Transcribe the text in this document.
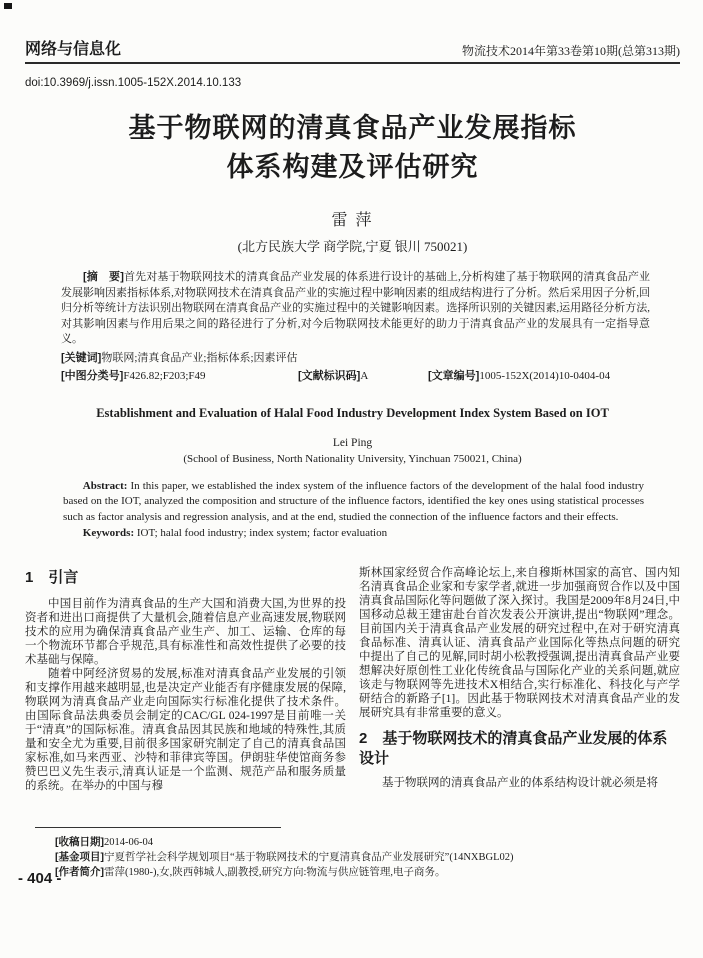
网络与信息化	物流技术2014年第33卷第10期(总第313期)
doi:10.3969/j.issn.1005-152X.2014.10.133
基于物联网的清真食品产业发展指标
体系构建及评估研究
雷 萍
(北方民族大学 商学院,宁夏 银川 750021)

[摘　要]首先对基于物联网技术的清真食品产业发展的体系进行设计的基础上,分析构建了基于物联网的清真食品产业发展影响因素指标体系,对物联网技术在清真食品产业的实施过程中影响因素的组成结构进行了分析。然后采用因子分析,回归分析等统计方法识别出物联网在清真食品产业的实施过程中的关键影响因素。选择所识别的关键因素,运用路径分析方法,对其影响因素与作用后果之间的路径进行了分析,对今后物联网技术能更好的助力于清真食品产业的发展具有一定指导意义。

[关键词]物联网;清真食品产业;指标体系;因素评估
[中图分类号]F426.82;F203;F49	[文献标识码]A	[文章编号]1005-152X(2014)10-0404-04
Establishment and Evaluation of Halal Food Industry Development Index System Based on IOT
Lei Ping
(School of Business, North Nationality University, Yinchuan 750021, China)

Abstract: In this paper, we established the index system of the influence factors of the development of the halal food industry based on the IOT, analyzed the composition and structure of the influence factors, identified the key ones using statistical processes such as factor analysis and regression analysis, and at the end, studied the connection of the influence factors and their effects.

Keywords: IOT; halal food industry; index system; factor evaluation

1　引言

中国目前作为清真食品的生产大国和消费大国,为世界的投资者和进出口商提供了大量机会,随着信息产业高速发展,物联网技术的应用为确保清真食品产业生产、加工、运输、仓库的每一个物流环节都合乎规范,具有标准性和高效性提供了必要的技术基础与保障。

随着中阿经济贸易的发展,标准对清真食品产业发展的引领和支撑作用越来越明显,也是决定产业能否有序健康发展的保障,物联网为清真食品产业走向国际实行标准化提供了技术条件。由国际食品法典委员会制定的CAC/GL 024-1997是目前唯一关于“清真”的国际标准。清真食品因其民族和地域的特殊性,其质量和安全尤为重要,目前很多国家研究制定了自己的清真食品国家标准,如马来西亚、沙特和菲律宾等国。伊朗驻华使馆商务参赞巴巴义先生表示,清真认证是一个监测、规范产品和服务质量的系统。在举办的中国与穆

斯林国家经贸合作高峰论坛上,来自穆斯林国家的高官、国内知名清真食品企业家和专家学者,就进一步加强商贸合作以及中国清真食品国际化等问题做了深入探讨。我国是2009年8月24日,中国移动总裁王建宙赴台首次发表公开演讲,提出“物联网”理念。目前国内关于清真食品产业发展的研究过程中,在对于研究清真食品标准、清真认证、清真食品产业国际化等热点问题的研究中提出了自己的见解,同时胡小松教授强调,提出清真食品产业要想解决好原创性工业化传统食品与国际化产业的关系问题,就应该走与物联网等先进技术X相结合,实行标准化、科技化与产学研结合的新路子[1]。因此基于物联网技术对清真食品产业的发展研究具有非常重要的意义。

2　基于物联网技术的清真食品产业发展的体系设计

基于物联网的清真食品产业的体系结构设计就必须是将

[收稿日期]2014-06-04
[基金项目]宁夏哲学社会科学规划项目“基于物联网技术的宁夏清真食品产业发展研究”(14NXBGL02)
[作者简介]雷萍(1980-),女,陕西韩城人,副教授,研究方向:物流与供应链管理,电子商务。
- 404 -
